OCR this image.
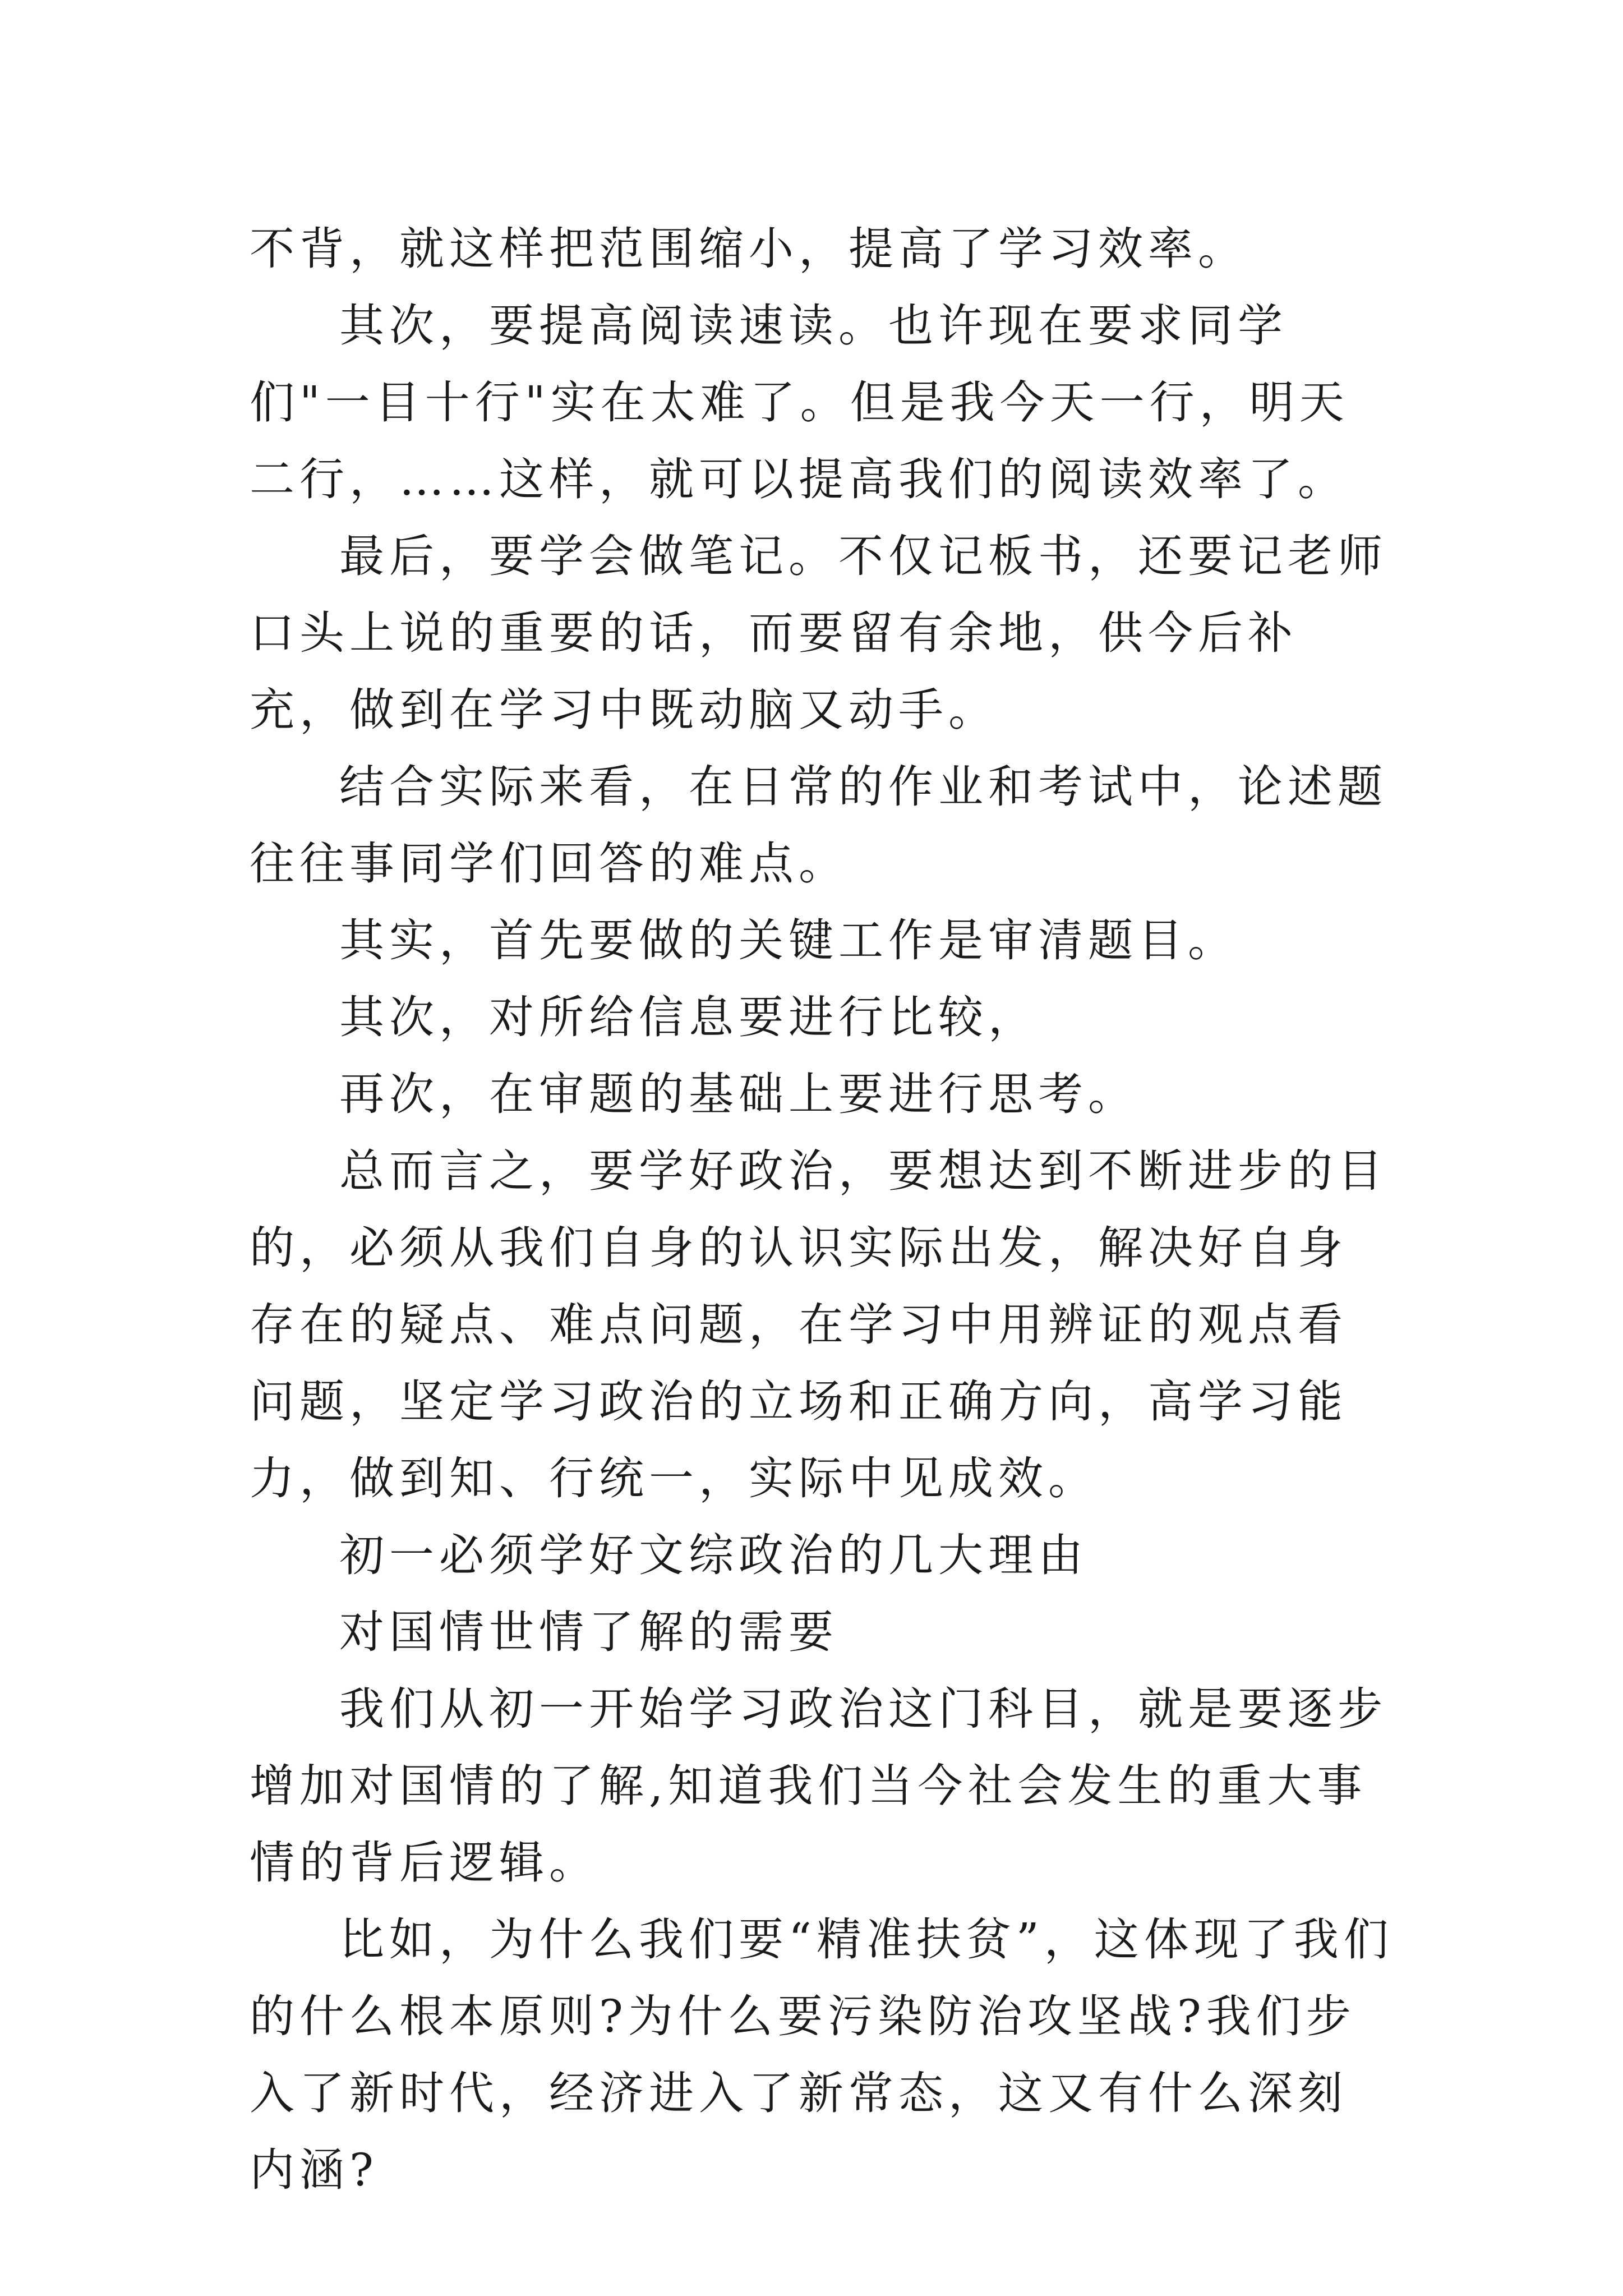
不背，就这样把范围缩小，提高了学习效率。

其次，要提高阅读速读。也许现在要求同学们"一目十行"实在太难了。但是我今天一行，明天二行，……这样，就可以提高我们的阅读效率了。

最后，要学会做笔记。不仅记板书，还要记老师口头上说的重要的话，而要留有余地，供今后补充，做到在学习中既动脑又动手。

结合实际来看，在日常的作业和考试中，论述题往往事同学们回答的难点。

其实，首先要做的关键工作是审清题目。

其次，对所给信息要进行比较，

再次，在审题的基础上要进行思考。

总而言之，要学好政治，要想达到不断进步的目的，必须从我们自身的认识实际出发，解决好自身存在的疑点、难点问题，在学习中用辨证的观点看问题，坚定学习政治的立场和正确方向，高学习能力，做到知、行统一，实际中见成效。

初一必须学好文综政治的几大理由

对国情世情了解的需要

我们从初一开始学习政治这门科目，就是要逐步增加对国情的了解,知道我们当今社会发生的重大事情的背后逻辑。

比如，为什么我们要“精准扶贫”，这体现了我们的什么根本原则?为什么要污染防治攻坚战?我们步入了新时代，经济进入了新常态，这又有什么深刻内涵?
